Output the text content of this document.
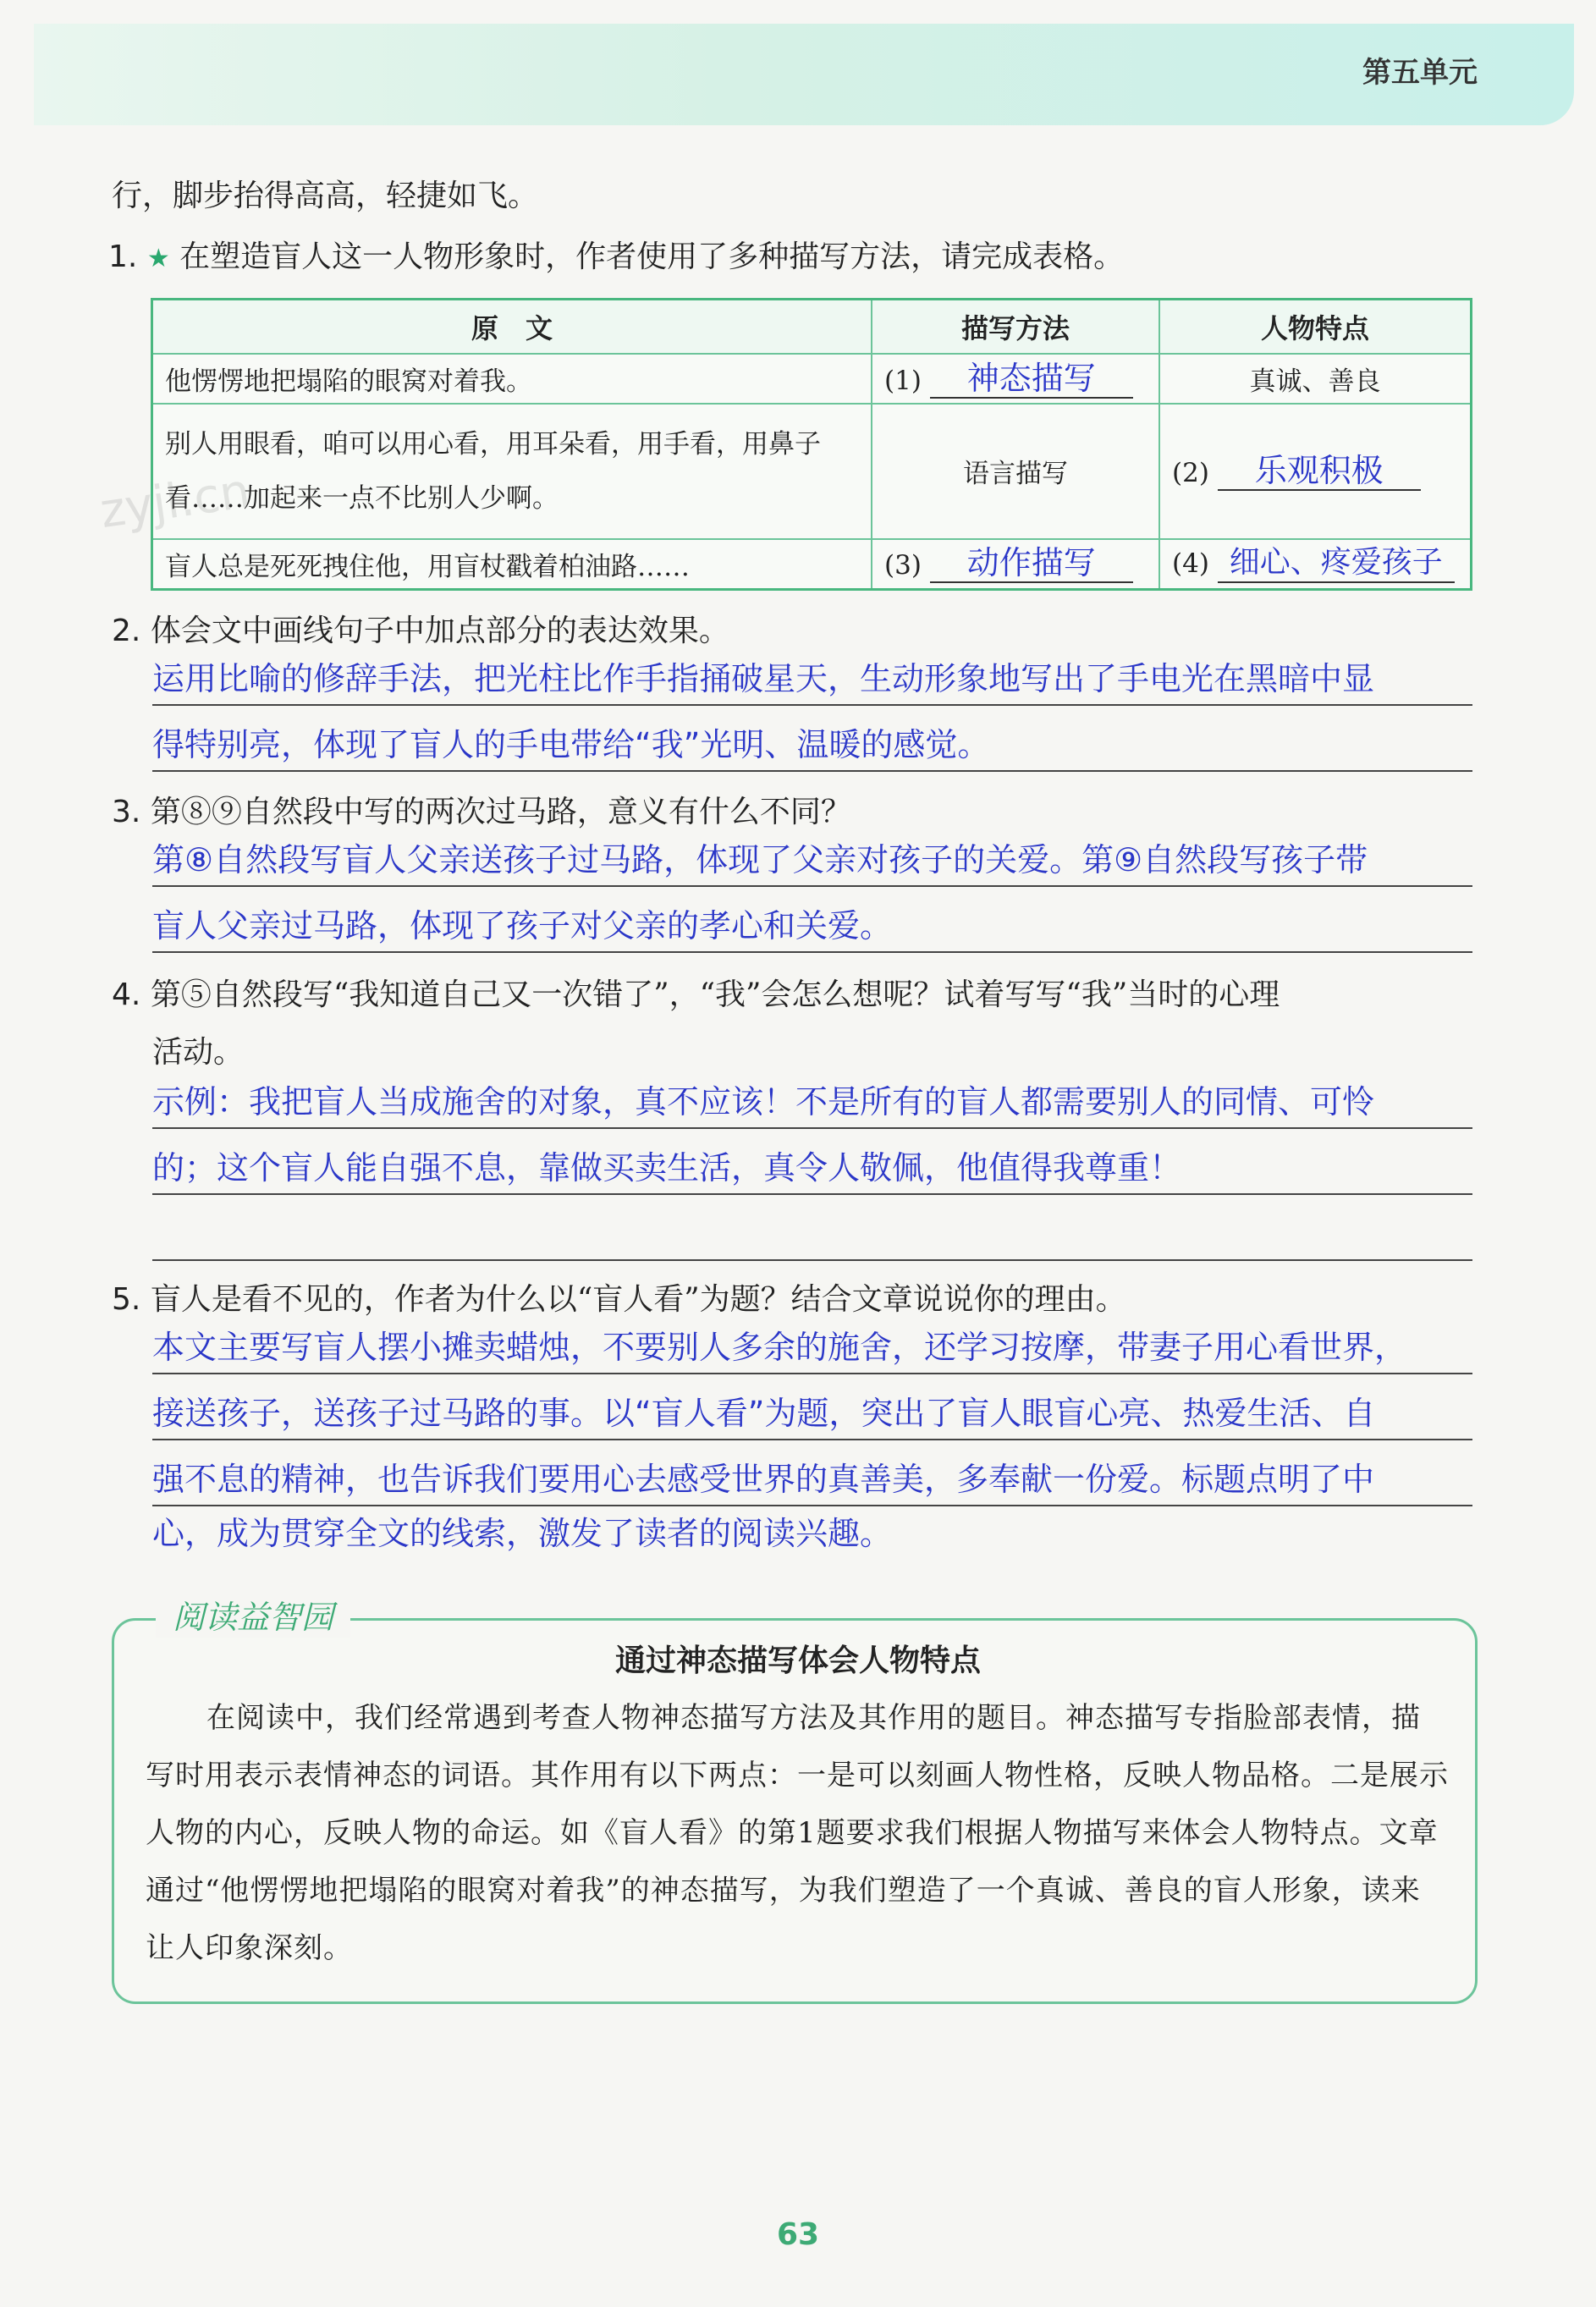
第五单元
行，脚步抬得高高，轻捷如飞。
1. ★ 在塑造盲人这一人物形象时，作者使用了多种描写方法，请完成表格。
原　文	描写方法	人物特点
他愣愣地把塌陷的眼窝对着我。	(1) 神态描写	真诚、善良
别人用眼看，咱可以用心看，用耳朵看，用手看，用鼻子看……加起来一点不比别人少啊。	语言描写	(2) 乐观积极
盲人总是死死拽住他，用盲杖戳着柏油路……	(3) 动作描写	(4) 细心、疼爱孩子
zyjl.cn
2. 体会文中画线句子中加点部分的表达效果。
运用比喻的修辞手法，把光柱比作手指捅破星天，生动形象地写出了手电光在黑暗中显
得特别亮，体现了盲人的手电带给“我”光明、温暖的感觉。
3. 第⑧⑨自然段中写的两次过马路，意义有什么不同？
第⑧自然段写盲人父亲送孩子过马路，体现了父亲对孩子的关爱。第⑨自然段写孩子带
盲人父亲过马路，体现了孩子对父亲的孝心和关爱。
4. 第⑤自然段写“我知道自己又一次错了”，“我”会怎么想呢？试着写写“我”当时的心理
活动。
示例：我把盲人当成施舍的对象，真不应该！不是所有的盲人都需要别人的同情、可怜
的；这个盲人能自强不息，靠做买卖生活，真令人敬佩，他值得我尊重！
5. 盲人是看不见的，作者为什么以“盲人看”为题？结合文章说说你的理由。
本文主要写盲人摆小摊卖蜡烛，不要别人多余的施舍，还学习按摩，带妻子用心看世界，
接送孩子，送孩子过马路的事。以“盲人看”为题，突出了盲人眼盲心亮、热爱生活、自
强不息的精神，也告诉我们要用心去感受世界的真善美，多奉献一份爱。标题点明了中
心，成为贯穿全文的线索，激发了读者的阅读兴趣。
阅读益智园
通过神态描写体会人物特点
在阅读中，我们经常遇到考查人物神态描写方法及其作用的题目。神态描写专指脸部表情，描写时用表示表情神态的词语。其作用有以下两点：一是可以刻画人物性格，反映人物品格。二是展示人物的内心，反映人物的命运。如《盲人看》的第1题要求我们根据人物描写来体会人物特点。文章通过“他愣愣地把塌陷的眼窝对着我”的神态描写，为我们塑造了一个真诚、善良的盲人形象，读来让人印象深刻。
63
